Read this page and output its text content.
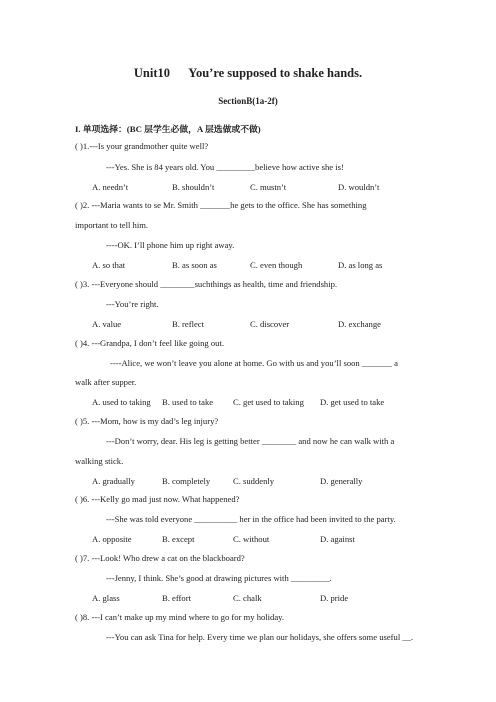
Unit10      You’re supposed to shake hands.
SectionB(1a-2f)
I. 单项选择：(BC 层学生必做，A 层选做或不做)
( )1.---Is your grandmother quite well?
---Yes. She is 84 years old. You _________believe how active she is!
A. needn’t	B. shouldn’t	C. mustn’t	D. wouldn’t
( )2. ---Maria wants to se Mr. Smith _______he gets to the office. She has something
important to tell him.
----OK. I’ll phone him up right away.
A. so that	B. as soon as	C. even though	D. as long as
( )3. ---Everyone should ________suchthings as health, time and friendship.
---You’re right.
A. value	B. reflect	C. discover	D. exchange
( )4. ---Grandpa, I don’t feel like going out.
----Alice, we won’t leave you alone at home. Go with us and you’ll soon _______ a
walk after supper.
A. used to taking B. used to take C. get used to taking D. get used to take
( )5. ---Mom, how is my dad’s leg injury?
---Don’t worry, dear. His leg is getting better ________ and now he can walk with a
walking stick.
A. gradually	B. completely	C. suddenly	D. generally
( )6. ---Kelly go mad just now. What happened?
---She was told everyone __________ her in the office had been invited to the party.
A. opposite	B. except	C. without	D. against
( )7. ---Look! Who drew a cat on the blackboard?
---Jenny, I think. She’s good at drawing pictures with _________.
A. glass	B. effort	C. chalk	D. pride
( )8. ---I can’t make up my mind where to go for my holiday.
---You can ask Tina for help. Every time we plan our holidays, she offers some useful __.
